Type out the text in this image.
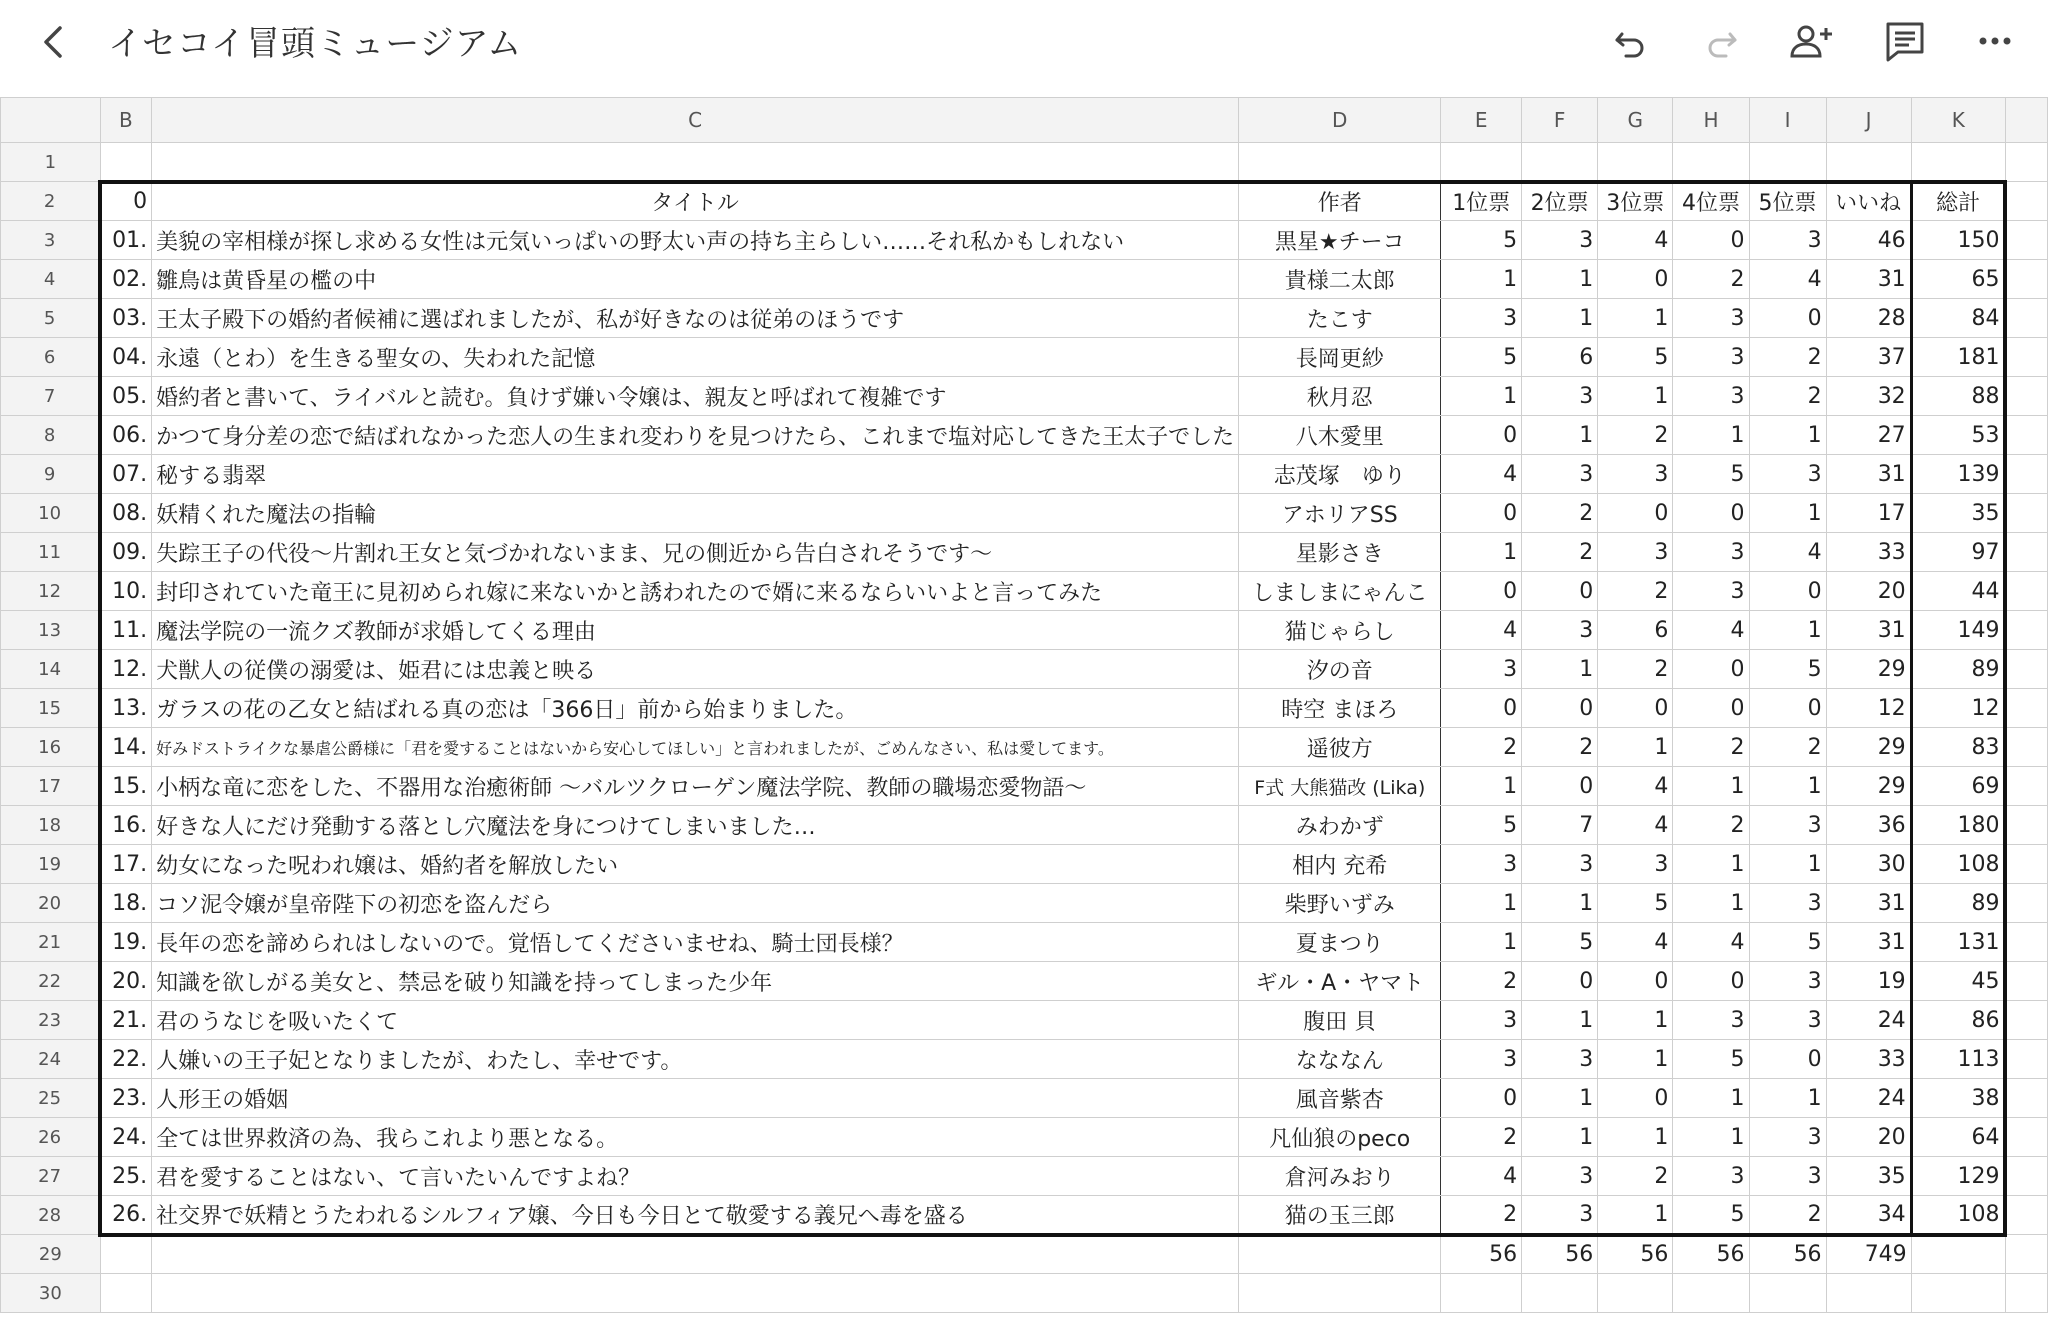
イセコイ冒頭ミュージアム
	B	C	D	E	F	G	H	I	J	K	
1											
2	0	タイトル	作者	1位票	2位票	3位票	4位票	5位票	いいね	総計	
3	01.	美貌の宰相様が探し求める女性は元気いっぱいの野太い声の持ち主らしい……それ私かもしれない	黒星★チーコ	5	3	4	0	3	46	150	
4	02.	雛鳥は黄昏星の檻の中	貴様二太郎	1	1	0	2	4	31	65	
5	03.	王太子殿下の婚約者候補に選ばれましたが、私が好きなのは従弟のほうです	たこす	3	1	1	3	0	28	84	
6	04.	永遠（とわ）を生きる聖女の、失われた記憶	長岡更紗	5	6	5	3	2	37	181	
7	05.	婚約者と書いて、ライバルと読む。負けず嫌い令嬢は、親友と呼ばれて複雑です	秋月忍	1	3	1	3	2	32	88	
8	06.	かつて身分差の恋で結ばれなかった恋人の生まれ変わりを見つけたら、これまで塩対応してきた王太子でした	八木愛里	0	1	2	1	1	27	53	
9	07.	秘する翡翠	志茂塚　ゆり	4	3	3	5	3	31	139	
10	08.	妖精くれた魔法の指輪	アホリアSS	0	2	0	0	1	17	35	
11	09.	失踪王子の代役～片割れ王女と気づかれないまま、兄の側近から告白されそうです～	星影さき	1	2	3	3	4	33	97	
12	10.	封印されていた竜王に見初められ嫁に来ないかと誘われたので婿に来るならいいよと言ってみた	しましまにゃんこ	0	0	2	3	0	20	44	
13	11.	魔法学院の一流クズ教師が求婚してくる理由	猫じゃらし	4	3	6	4	1	31	149	
14	12.	犬獣人の従僕の溺愛は、姫君には忠義と映る	汐の音	3	1	2	0	5	29	89	
15	13.	ガラスの花の乙女と結ばれる真の恋は「366日」前から始まりました。	時空 まほろ	0	0	0	0	0	12	12	
16	14.	好みドストライクな暴虐公爵様に「君を愛することはないから安心してほしい」と言われましたが、ごめんなさい、私は愛してます。	遥彼方	2	2	1	2	2	29	83	
17	15.	小柄な竜に恋をした、不器用な治癒術師 ～バルツクローゲン魔法学院、教師の職場恋愛物語～	F式 大熊猫改 (Lika)	1	0	4	1	1	29	69	
18	16.	好きな人にだけ発動する落とし穴魔法を身につけてしまいました…	みわかず	5	7	4	2	3	36	180	
19	17.	幼女になった呪われ嬢は、婚約者を解放したい	相内 充希	3	3	3	1	1	30	108	
20	18.	コソ泥令嬢が皇帝陛下の初恋を盗んだら	柴野いずみ	1	1	5	1	3	31	89	
21	19.	長年の恋を諦められはしないので。覚悟してくださいませね、騎士団長様？	夏まつり	1	5	4	4	5	31	131	
22	20.	知識を欲しがる美女と、禁忌を破り知識を持ってしまった少年	ギル・A・ヤマト	2	0	0	0	3	19	45	
23	21.	君のうなじを吸いたくて	腹田 貝	3	1	1	3	3	24	86	
24	22.	人嫌いの王子妃となりましたが、わたし、幸せです。	なななん	3	3	1	5	0	33	113	
25	23.	人形王の婚姻	風音紫杏	0	1	0	1	1	24	38	
26	24.	全ては世界救済の為、我らこれより悪となる。	凡仙狼のpeco	2	1	1	1	3	20	64	
27	25.	君を愛することはない、て言いたいんですよね？	倉河みおり	4	3	2	3	3	35	129	
28	26.	社交界で妖精とうたわれるシルフィア嬢、今日も今日とて敬愛する義兄へ毒を盛る	猫の玉三郎	2	3	1	5	2	34	108	
29				56	56	56	56	56	749		
30											
